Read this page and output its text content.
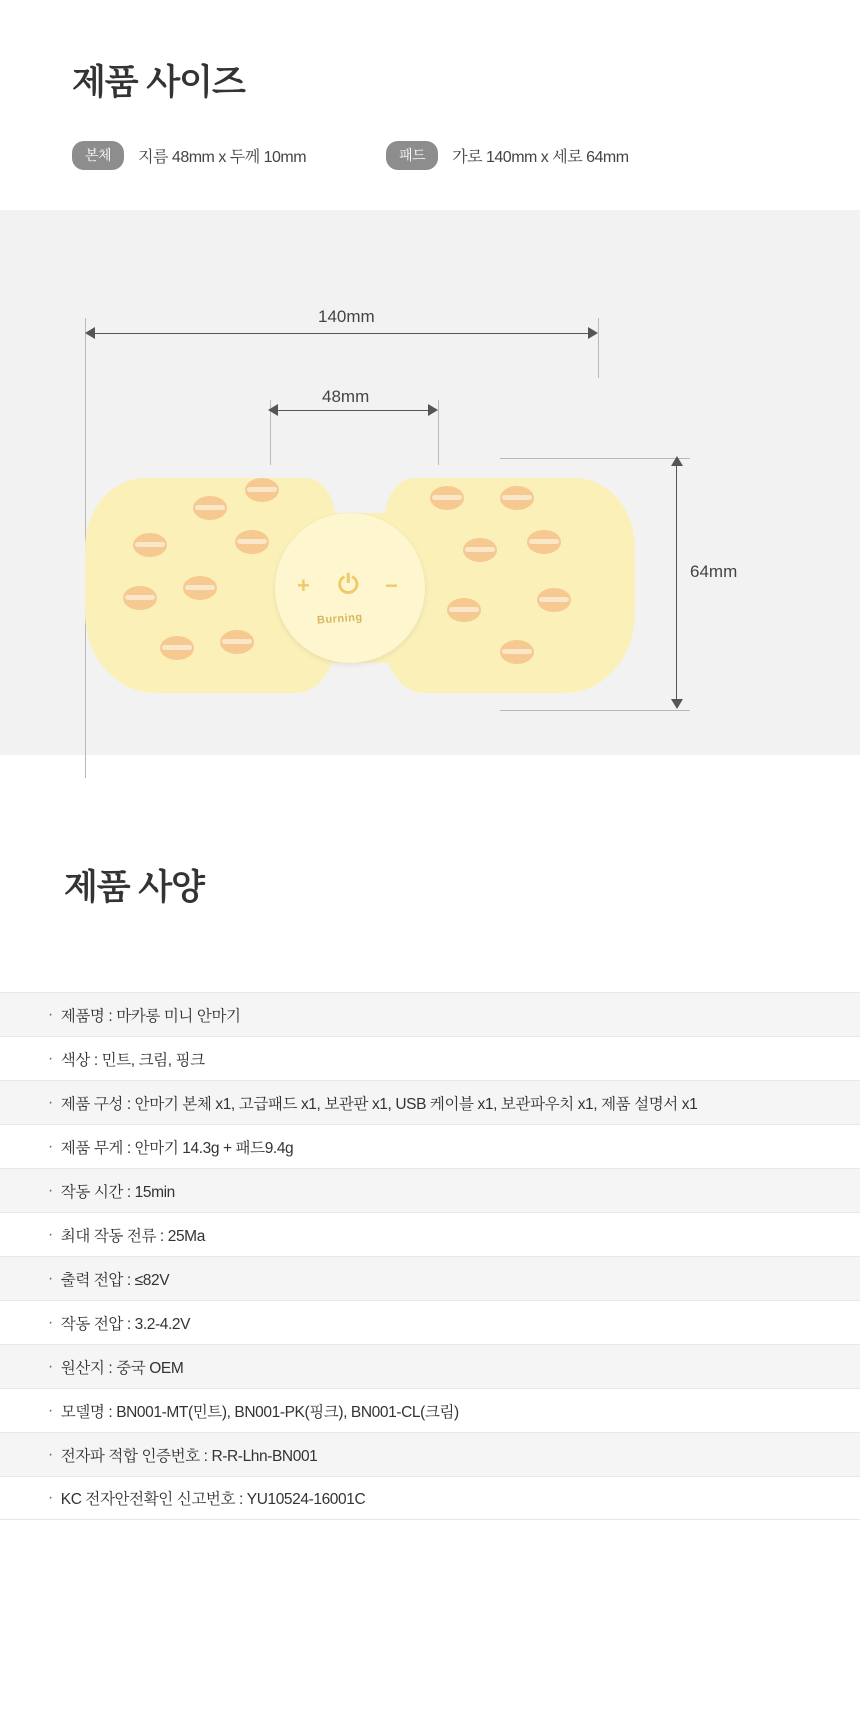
제품 사이즈
본체	지름 48mm x 두께 10mm	패드	가로 140mm x 세로 64mm
140mm
48mm
64mm
+	−
⏻
Burning
제품 사양
· 제품명 : 마카롱 미니 안마기
· 색상 : 민트, 크림, 핑크
· 제품 구성 : 안마기 본체 x1, 고급패드 x1, 보관판 x1, USB 케이블 x1, 보관파우치 x1, 제품 설명서 x1
· 제품 무게 : 안마기 14.3g + 패드9.4g
· 작동 시간 : 15min
· 최대 작동 전류 : 25Ma
· 출력 전압 : ≤82V
· 작동 전압 : 3.2-4.2V
· 원산지 : 중국 OEM
· 모델명 : BN001-MT(민트), BN001-PK(핑크), BN001-CL(크림)
· 전자파 적합 인증번호 : R-R-Lhn-BN001
· KC 전자안전확인 신고번호 : YU10524-16001C
